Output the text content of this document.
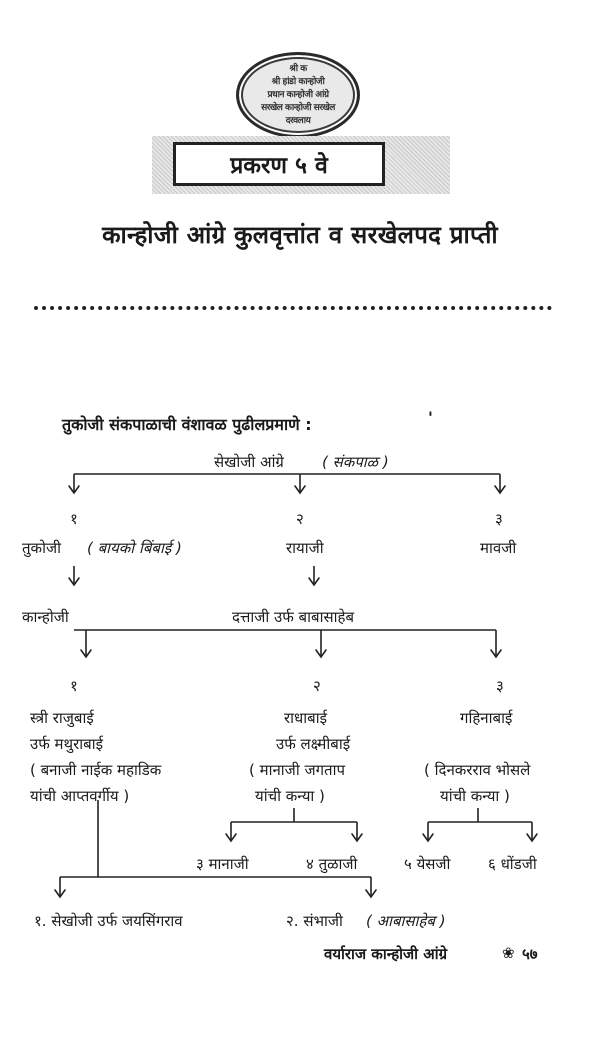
श्री क
श्री हांडो कान्होजी
प्रधान कान्होजी आंग्रे
सरखेल कान्होजी सरखेल
दरवलाय
प्रकरण ५ वे
कान्होजी आंग्रे कुलवृत्तांत व सरखेलपद प्राप्ती
तुकोजी संकपाळाची वंशावळ पुढीलप्रमाणे :	'
सेखोजी आंग्रे	( संकपाळ )
१	२	३
तुकोजी ( बायको बिंबाई )	रायाजी	मावजी
कान्होजी	दत्ताजी उर्फ बाबासाहेब
१	२	३
स्त्री राजुबाई
उर्फ मथुराबाई
( बनाजी नाईक महाडिक
यांची आप्तवर्गीय )
राधाबाई
उर्फ लक्ष्मीबाई
( मानाजी जगताप
यांची कन्या )
गहिनाबाई
( दिनकरराव भोसले
यांची कन्या )
३ मानाजी	४ तुळाजी	५ येसजी	६ धोंडजी
१. सेखोजी उर्फ जयसिंगराव	२. संभाजी ( आबासाहेब )
वर्याराज कान्होजी आंग्रे	❀ ५७
